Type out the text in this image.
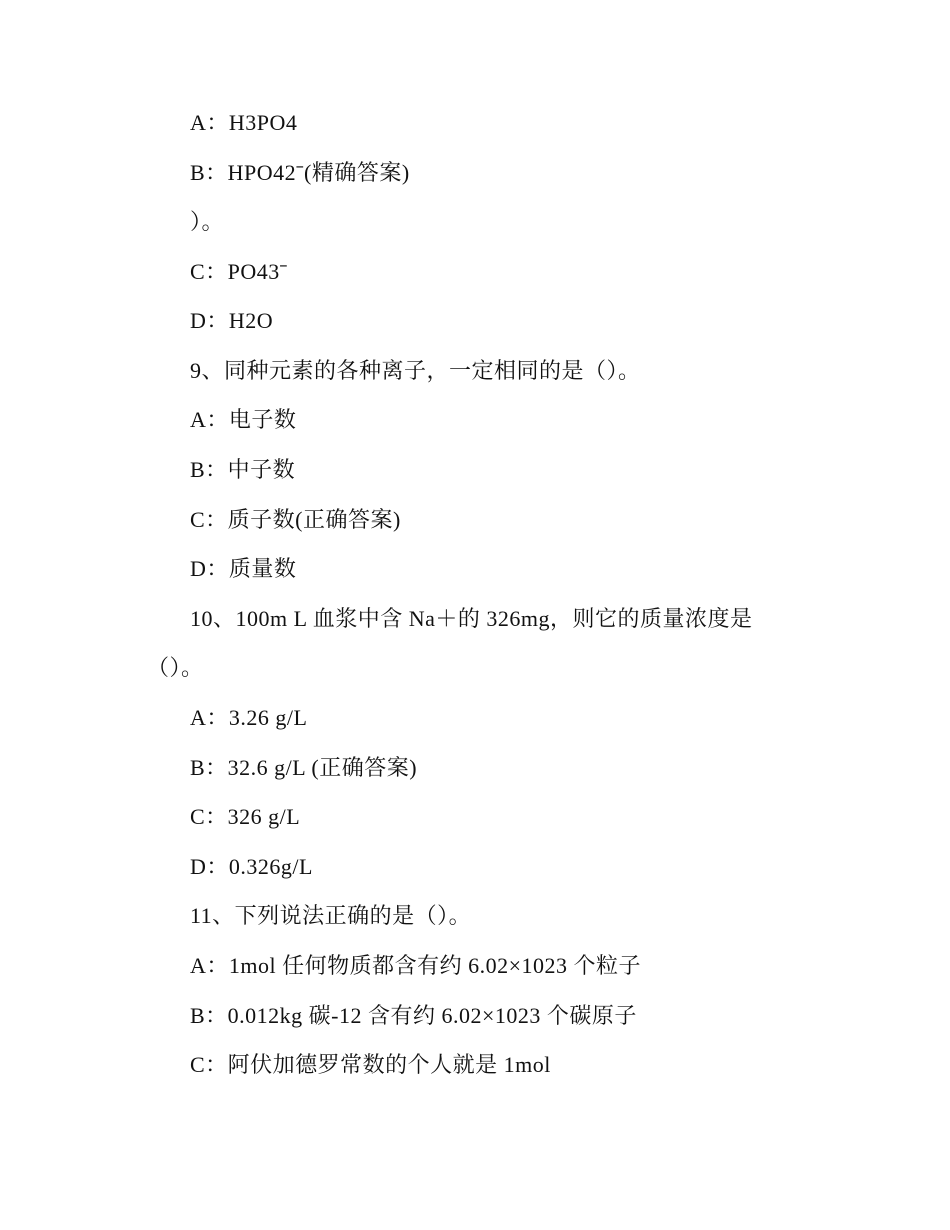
A：H3PO4
B：HPO42ˉ(精确答案)
）。
C：PO43ˉ
D：H2O
9、同种元素的各种离子，一定相同的是（）。
A：电子数
B：中子数
C：质子数(正确答案)
D：质量数
10、100m L 血浆中含 Na＋的 326mg，则它的质量浓度是
（）。
A：3.26 g/L
B：32.6 g/L (正确答案)
C：326 g/L
D：0.326g/L
11、下列说法正确的是（）。
A：1mol 任何物质都含有约 6.02×1023 个粒子
B：0.012kg 碳-12 含有约 6.02×1023 个碳原子
C：阿伏加德罗常数的个人就是 1mol
